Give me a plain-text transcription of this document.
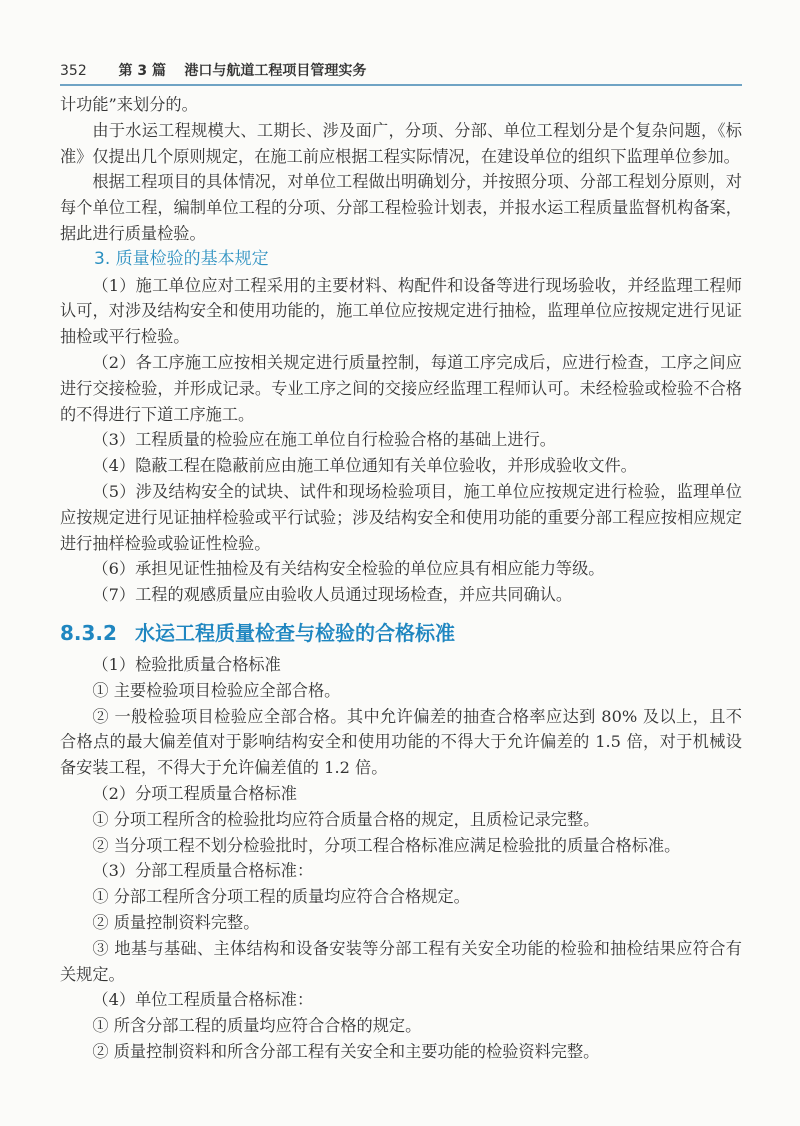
352 第 3 篇 港口与航道工程项目管理实务

计功能”来划分的。

由于水运工程规模大、工期长、涉及面广，分项、分部、单位工程划分是个复杂问题，《标准》仅提出几个原则规定，在施工前应根据工程实际情况，在建设单位的组织下监理单位参加。

根据工程项目的具体情况，对单位工程做出明确划分，并按照分项、分部工程划分原则，对每个单位工程，编制单位工程的分项、分部工程检验计划表，并报水运工程质量监督机构备案，据此进行质量检验。

3. 质量检验的基本规定

（1）施工单位应对工程采用的主要材料、构配件和设备等进行现场验收，并经监理工程师认可，对涉及结构安全和使用功能的，施工单位应按规定进行抽检，监理单位应按规定进行见证抽检或平行检验。

（2）各工序施工应按相关规定进行质量控制，每道工序完成后，应进行检查，工序之间应进行交接检验，并形成记录。专业工序之间的交接应经监理工程师认可。未经检验或检验不合格的不得进行下道工序施工。

（3）工程质量的检验应在施工单位自行检验合格的基础上进行。

（4）隐蔽工程在隐蔽前应由施工单位通知有关单位验收，并形成验收文件。

（5）涉及结构安全的试块、试件和现场检验项目，施工单位应按规定进行检验，监理单位应按规定进行见证抽样检验或平行试验；涉及结构安全和使用功能的重要分部工程应按相应规定进行抽样检验或验证性检验。

（6）承担见证性抽检及有关结构安全检验的单位应具有相应能力等级。

（7）工程的观感质量应由验收人员通过现场检查，并应共同确认。

8.3.2 水运工程质量检查与检验的合格标准

（1）检验批质量合格标准

① 主要检验项目检验应全部合格。

② 一般检验项目检验应全部合格。其中允许偏差的抽查合格率应达到 80% 及以上，且不合格点的最大偏差值对于影响结构安全和使用功能的不得大于允许偏差的 1.5 倍，对于机械设备安装工程，不得大于允许偏差值的 1.2 倍。

（2）分项工程质量合格标准

① 分项工程所含的检验批均应符合质量合格的规定，且质检记录完整。

② 当分项工程不划分检验批时，分项工程合格标准应满足检验批的质量合格标准。

（3）分部工程质量合格标准：

① 分部工程所含分项工程的质量均应符合合格规定。

② 质量控制资料完整。

③ 地基与基础、主体结构和设备安装等分部工程有关安全功能的检验和抽检结果应符合有关规定。

（4）单位工程质量合格标准：

① 所含分部工程的质量均应符合合格的规定。

② 质量控制资料和所含分部工程有关安全和主要功能的检验资料完整。
